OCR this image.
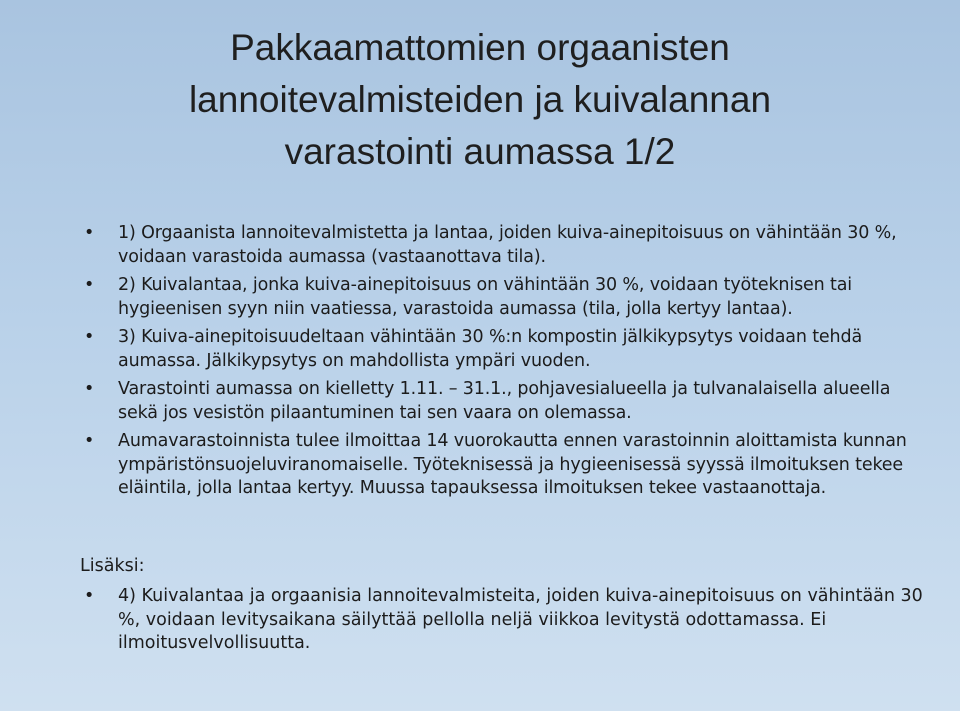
Pakkaamattomien orgaanisten
lannoitevalmisteiden ja kuivalannan
varastointi aumassa 1/2
• 1) Orgaanista lannoitevalmistetta ja lantaa, joiden kuiva-ainepitoisuus on vähintään 30 %, voidaan varastoida aumassa (vastaanottava tila).
• 2) Kuivalantaa, jonka kuiva-ainepitoisuus on vähintään 30 %, voidaan työteknisen tai hygieenisen syyn niin vaatiessa, varastoida aumassa (tila, jolla kertyy lantaa).
• 3) Kuiva-ainepitoisuudeltaan vähintään 30 %:n kompostin jälkikypsytys voidaan tehdä aumassa. Jälkikypsytys on mahdollista ympäri vuoden.
• Varastointi aumassa on kielletty 1.11. – 31.1., pohjavesialueella ja tulvanalaisella alueella sekä jos vesistön pilaantuminen tai sen vaara on olemassa.
• Aumavarastoinnista tulee ilmoittaa 14 vuorokautta ennen varastoinnin aloittamista kunnan ympäristönsuojeluviranomaiselle. Työteknisessä ja hygieenisessä syyssä ilmoituksen tekee eläintila, jolla lantaa kertyy. Muussa tapauksessa ilmoituksen tekee vastaanottaja.
Lisäksi:
• 4) Kuivalantaa ja orgaanisia lannoitevalmisteita, joiden kuiva-ainepitoisuus on vähintään 30 %, voidaan levitysaikana säilyttää pellolla neljä viikkoa levitystä odottamassa. Ei ilmoitusvelvollisuutta.
